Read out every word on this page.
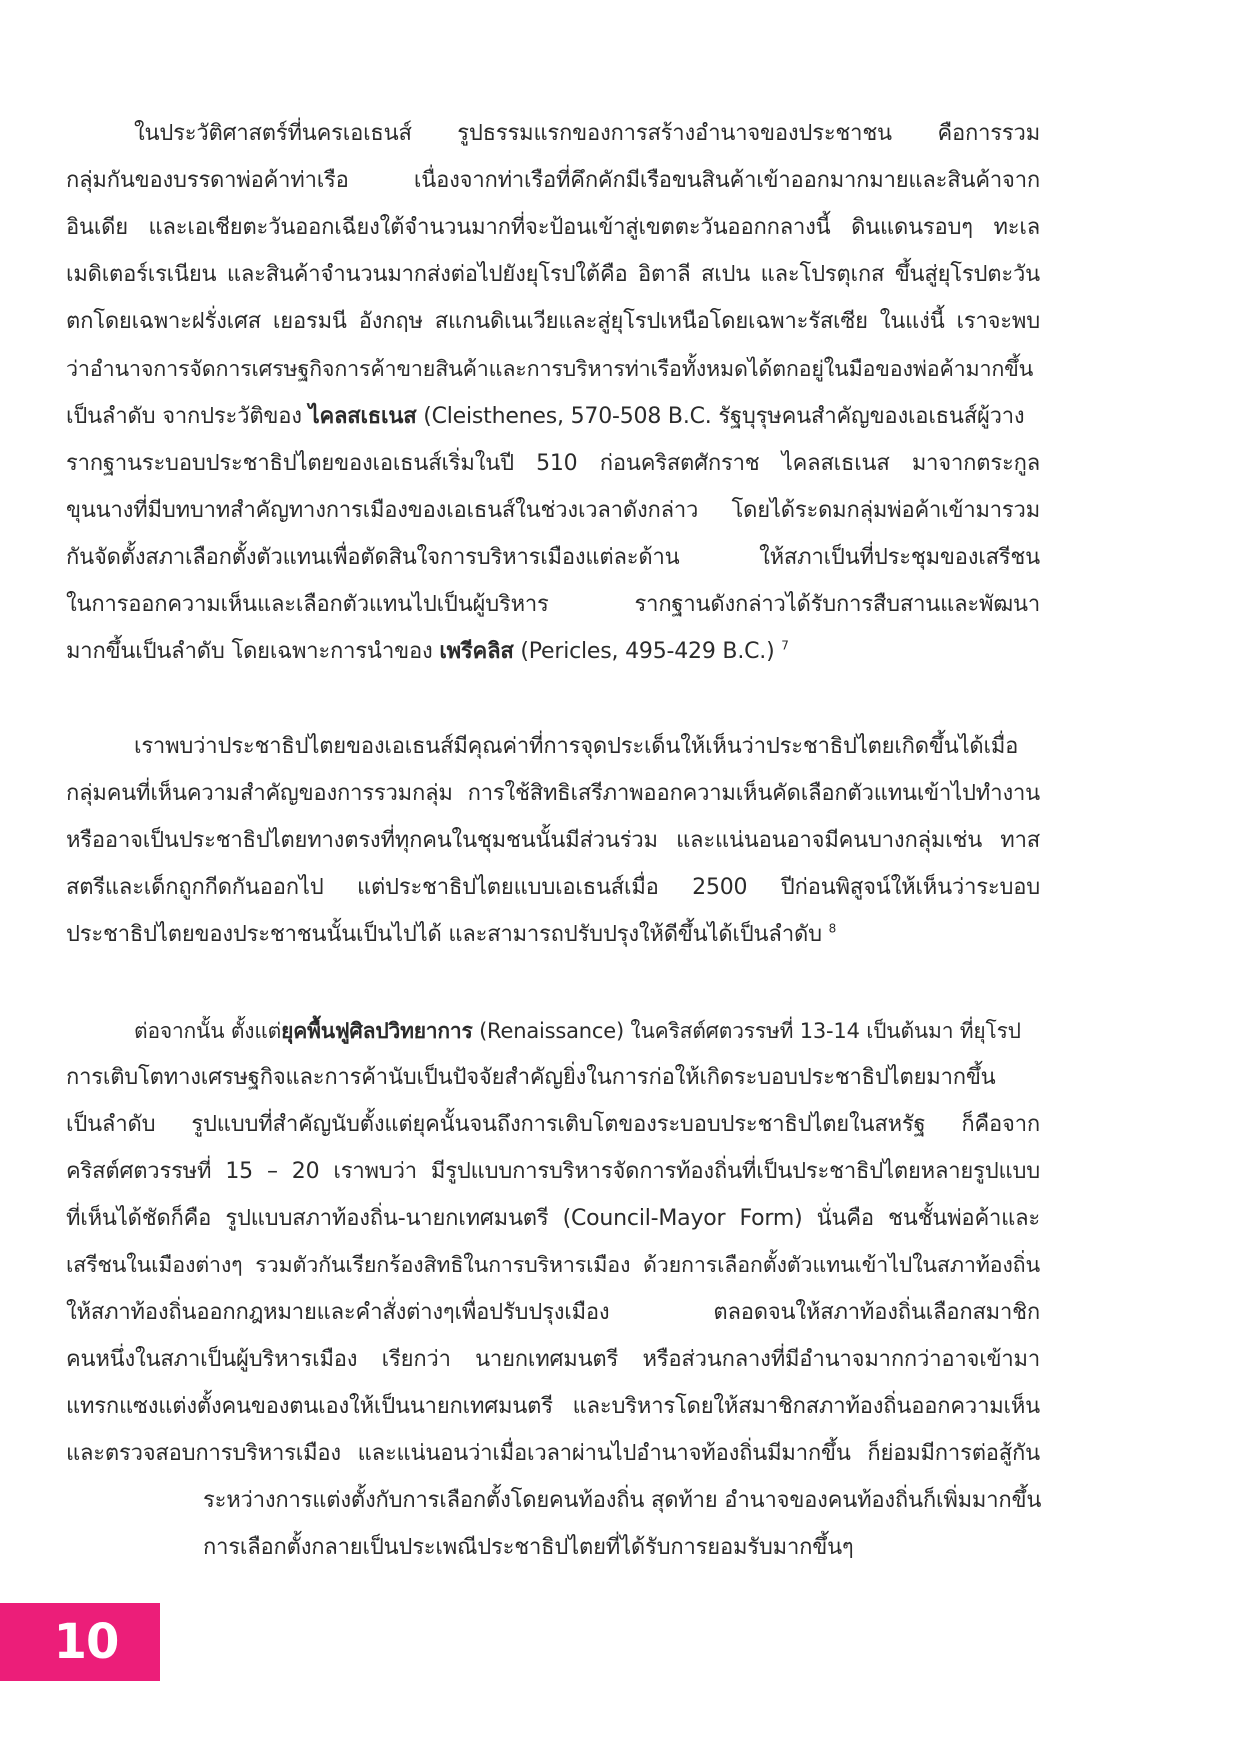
ในประวัติศาสตร์ที่นครเอเธนส์ รูปธรรมแรกของการสร้างอำนาจของประชาชน คือการรวม
กลุ่มกันของบรรดาพ่อค้าท่าเรือ เนื่องจากท่าเรือที่คึกคักมีเรือขนสินค้าเข้าออกมากมายและสินค้าจาก
อินเดีย และเอเชียตะวันออกเฉียงใต้จำนวนมากที่จะป้อนเข้าสู่เขตตะวันออกกลางนี้ ดินแดนรอบๆ ทะเล
เมดิเตอร์เรเนียน และสินค้าจำนวนมากส่งต่อไปยังยุโรปใต้คือ อิตาลี สเปน และโปรตุเกส ขึ้นสู่ยุโรปตะวัน
ตกโดยเฉพาะฝรั่งเศส เยอรมนี อังกฤษ สแกนดิเนเวียและสู่ยุโรปเหนือโดยเฉพาะรัสเซีย ในแง่นี้ เราจะพบ
ว่าอำนาจการจัดการเศรษฐกิจการค้าขายสินค้าและการบริหารท่าเรือทั้งหมดได้ตกอยู่ในมือของพ่อค้ามากขึ้น
เป็นลำดับ จากประวัติของ ไคลสเธเนส (Cleisthenes, 570-508 B.C. รัฐบุรุษคนสำคัญของเอเธนส์ผู้วาง
รากฐานระบอบประชาธิปไตยของเอเธนส์เริ่มในปี 510 ก่อนคริสตศักราช ไคลสเธเนส มาจากตระกูล
ขุนนางที่มีบทบาทสำคัญทางการเมืองของเอเธนส์ในช่วงเวลาดังกล่าว โดยได้ระดมกลุ่มพ่อค้าเข้ามารวม
กันจัดตั้งสภาเลือกตั้งตัวแทนเพื่อตัดสินใจการบริหารเมืองแต่ละด้าน ให้สภาเป็นที่ประชุมของเสรีชน
ในการออกความเห็นและเลือกตัวแทนไปเป็นผู้บริหาร รากฐานดังกล่าวได้รับการสืบสานและพัฒนา
มากขึ้นเป็นลำดับ โดยเฉพาะการนำของ เพรีคลิส (Pericles, 495-429 B.C.) $^7$
เราพบว่าประชาธิปไตยของเอเธนส์มีคุณค่าที่การจุดประเด็นให้เห็นว่าประชาธิปไตยเกิดขึ้นได้เมื่อ
กลุ่มคนที่เห็นความสำคัญของการรวมกลุ่ม การใช้สิทธิเสรีภาพออกความเห็นคัดเลือกตัวแทนเข้าไปทำงาน
หรืออาจเป็นประชาธิปไตยทางตรงที่ทุกคนในชุมชนนั้นมีส่วนร่วม และแน่นอนอาจมีคนบางกลุ่มเช่น ทาส
สตรีและเด็กถูกกีดกันออกไป แต่ประชาธิปไตยแบบเอเธนส์เมื่อ 2500 ปีก่อนพิสูจน์ให้เห็นว่าระบอบ
ประชาธิปไตยของประชาชนนั้นเป็นไปได้ และสามารถปรับปรุงให้ดีขึ้นได้เป็นลำดับ $^8$
ต่อจากนั้น ตั้งแต่ยุคพื้นฟูศิลปวิทยาการ (Renaissance) ในคริสต์ศตวรรษที่ 13-14 เป็นต้นมา ที่ยุโรป
การเติบโตทางเศรษฐกิจและการค้านับเป็นปัจจัยสำคัญยิ่งในการก่อให้เกิดระบอบประชาธิปไตยมากขึ้น
เป็นลำดับ รูปแบบที่สำคัญนับตั้งแต่ยุคนั้นจนถึงการเติบโตของระบอบประชาธิปไตยในสหรัฐ ก็คือจาก
คริสต์ศตวรรษที่ 15 – 20 เราพบว่า มีรูปแบบการบริหารจัดการท้องถิ่นที่เป็นประชาธิปไตยหลายรูปแบบ
ที่เห็นได้ชัดก็คือ รูปแบบสภาท้องถิ่น-นายกเทศมนตรี (Council-Mayor Form) นั่นคือ ชนชั้นพ่อค้าและ
เสรีชนในเมืองต่างๆ รวมตัวกันเรียกร้องสิทธิในการบริหารเมือง ด้วยการเลือกตั้งตัวแทนเข้าไปในสภาท้องถิ่น
ให้สภาท้องถิ่นออกกฎหมายและคำสั่งต่างๆเพื่อปรับปรุงเมือง ตลอดจนให้สภาท้องถิ่นเลือกสมาชิก
คนหนึ่งในสภาเป็นผู้บริหารเมือง เรียกว่า นายกเทศมนตรี หรือส่วนกลางที่มีอำนาจมากกว่าอาจเข้ามา
แทรกแซงแต่งตั้งคนของตนเองให้เป็นนายกเทศมนตรี และบริหารโดยให้สมาชิกสภาท้องถิ่นออกความเห็น
และตรวจสอบการบริหารเมือง และแน่นอนว่าเมื่อเวลาผ่านไปอำนาจท้องถิ่นมีมากขึ้น ก็ย่อมมีการต่อสู้กัน
ระหว่างการแต่งตั้งกับการเลือกตั้งโดยคนท้องถิ่น สุดท้าย อำนาจของคนท้องถิ่นก็เพิ่มมากขึ้น
การเลือกตั้งกลายเป็นประเพณีประชาธิปไตยที่ได้รับการยอมรับมากขึ้นๆ
10
